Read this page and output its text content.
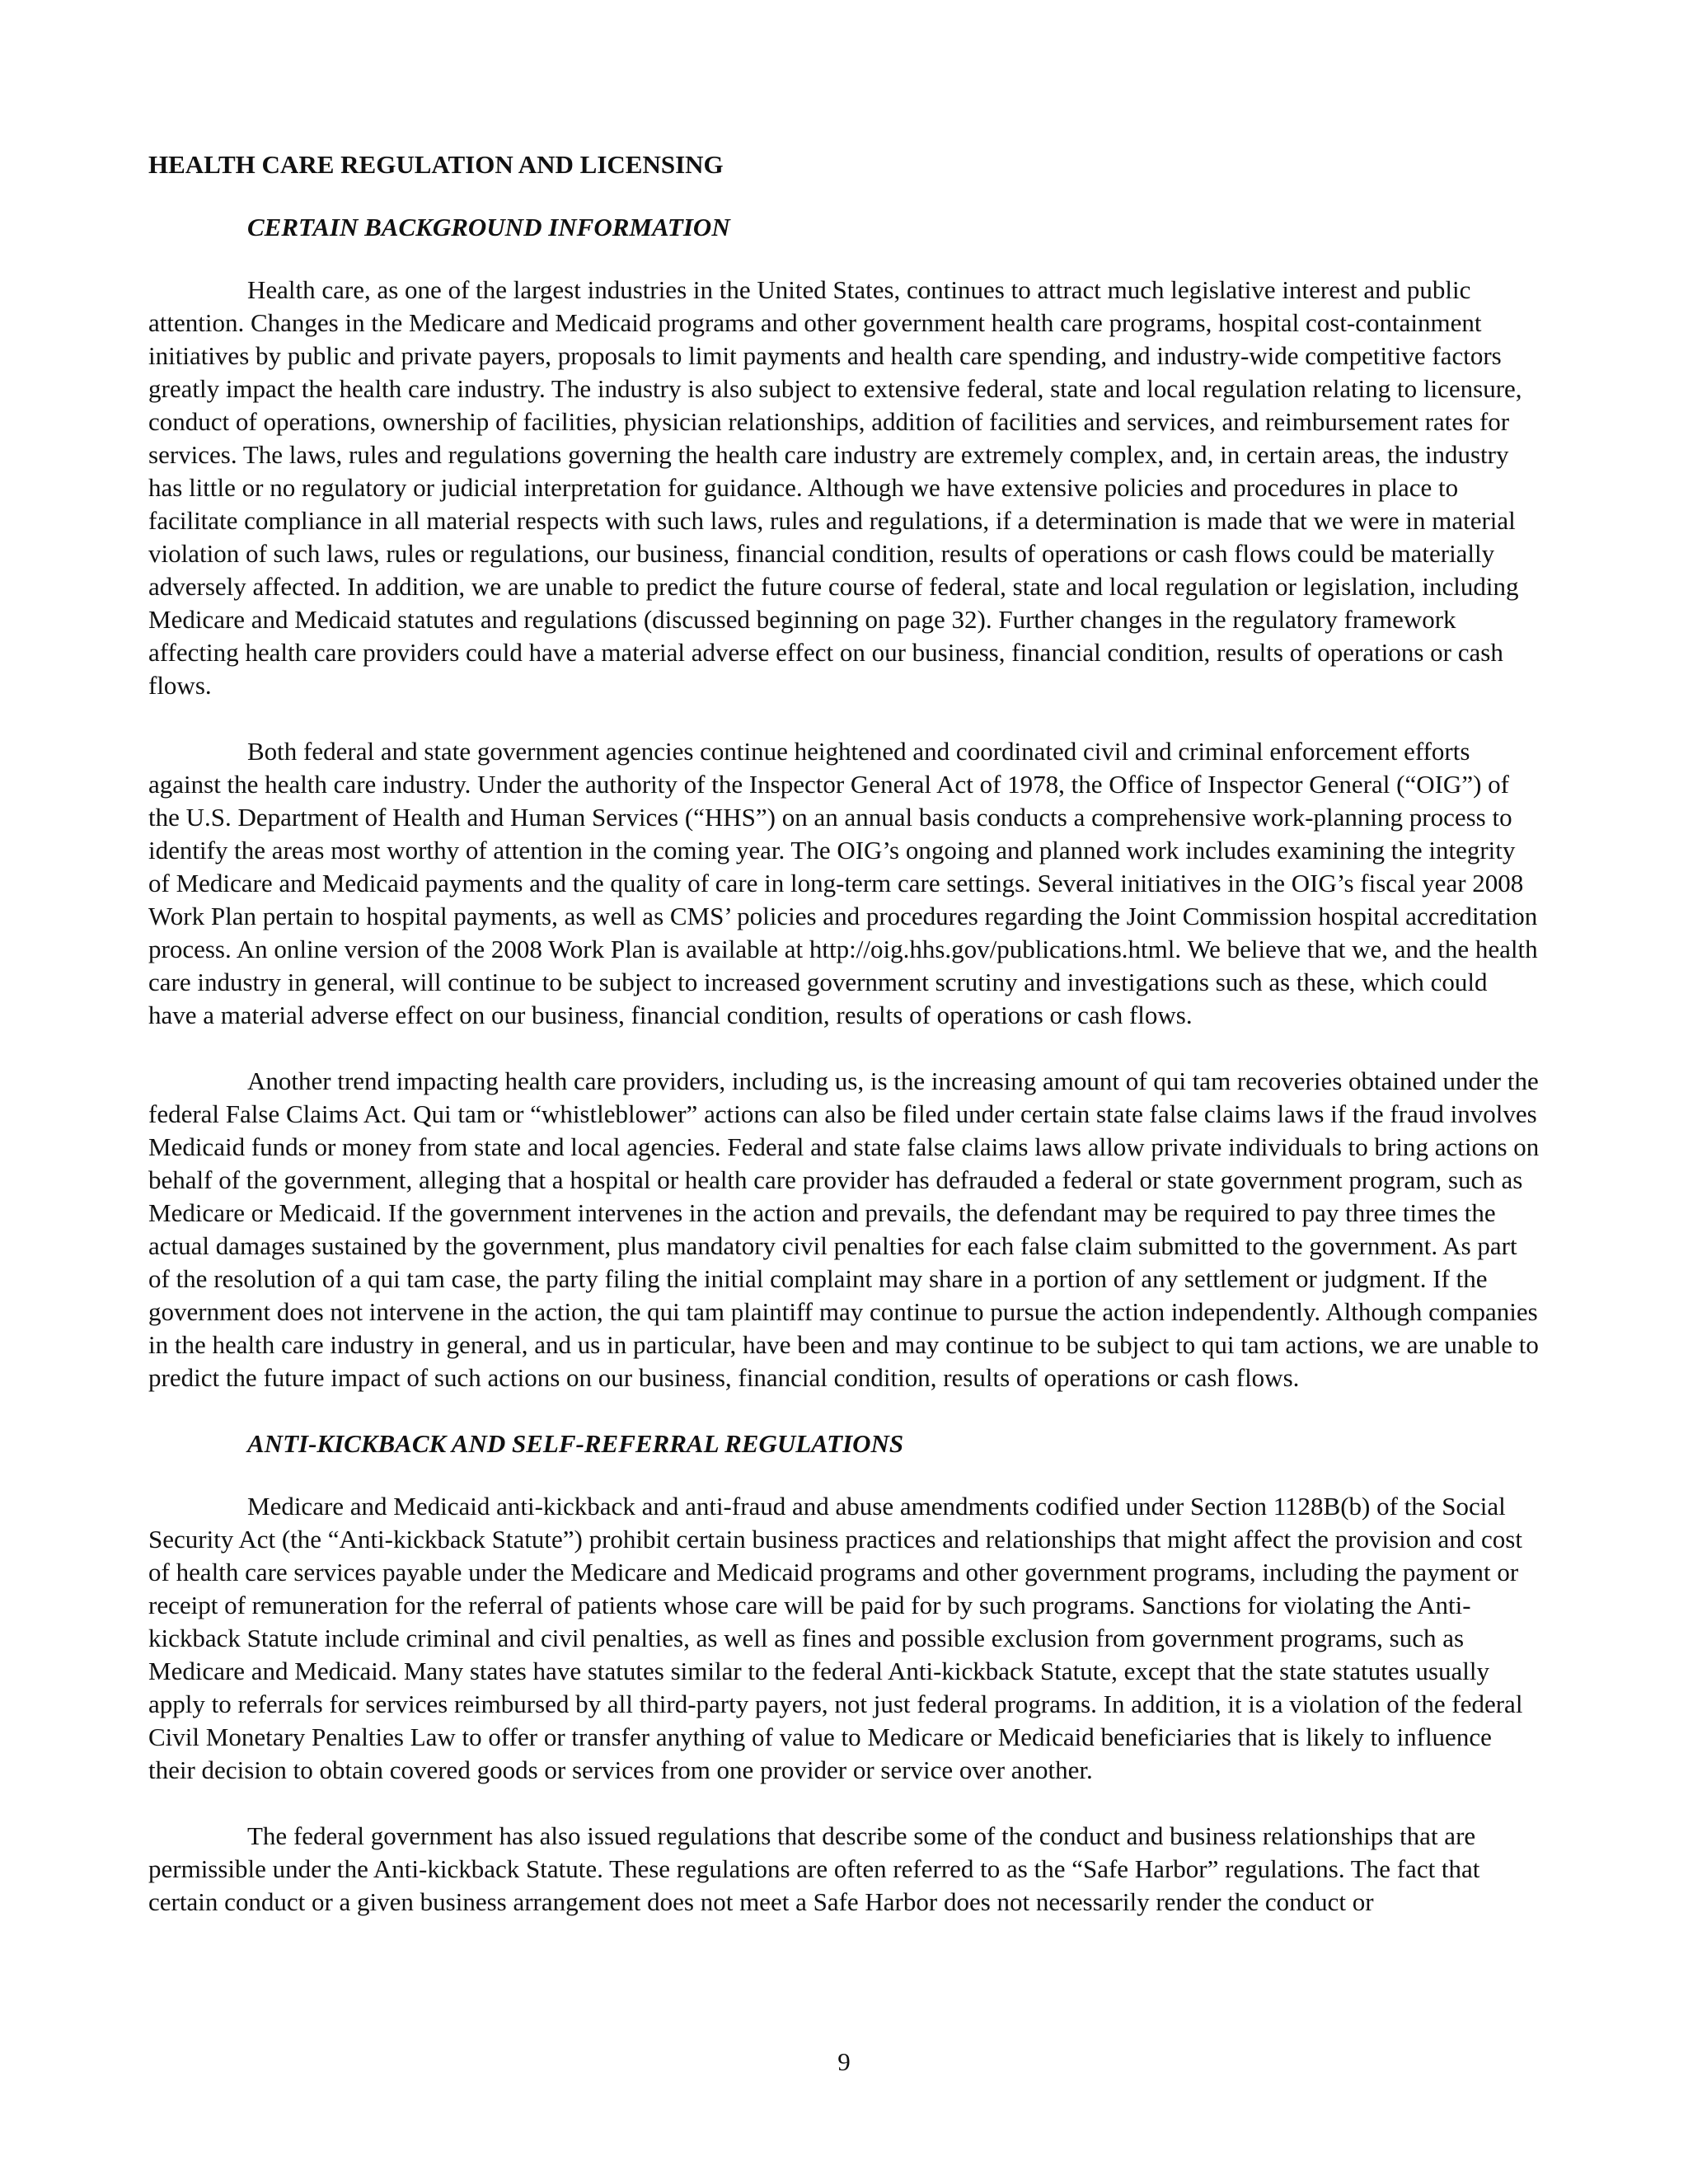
HEALTH CARE REGULATION AND LICENSING
CERTAIN BACKGROUND INFORMATION

Health care, as one of the largest industries in the United States, continues to attract much legislative interest and public attention. Changes in the Medicare and Medicaid programs and other government health care programs, hospital cost-containment initiatives by public and private payers, proposals to limit payments and health care spending, and industry-wide competitive factors greatly impact the health care industry. The industry is also subject to extensive federal, state and local regulation relating to licensure, conduct of operations, ownership of facilities, physician relationships, addition of facilities and services, and reimbursement rates for services. The laws, rules and regulations governing the health care industry are extremely complex, and, in certain areas, the industry has little or no regulatory or judicial interpretation for guidance. Although we have extensive policies and procedures in place to facilitate compliance in all material respects with such laws, rules and regulations, if a determination is made that we were in material violation of such laws, rules or regulations, our business, financial condition, results of operations or cash flows could be materially adversely affected. In addition, we are unable to predict the future course of federal, state and local regulation or legislation, including Medicare and Medicaid statutes and regulations (discussed beginning on page 32). Further changes in the regulatory framework affecting health care providers could have a material adverse effect on our business, financial condition, results of operations or cash flows.

Both federal and state government agencies continue heightened and coordinated civil and criminal enforcement efforts against the health care industry. Under the authority of the Inspector General Act of 1978, the Office of Inspector General (“OIG”) of the U.S. Department of Health and Human Services (“HHS”) on an annual basis conducts a comprehensive work-planning process to identify the areas most worthy of attention in the coming year. The OIG’s ongoing and planned work includes examining the integrity of Medicare and Medicaid payments and the quality of care in long-term care settings. Several initiatives in the OIG’s fiscal year 2008 Work Plan pertain to hospital payments, as well as CMS’ policies and procedures regarding the Joint Commission hospital accreditation process. An online version of the 2008 Work Plan is available at http://oig.hhs.gov/publications.html. We believe that we, and the health care industry in general, will continue to be subject to increased government scrutiny and investigations such as these, which could have a material adverse effect on our business, financial condition, results of operations or cash flows.

Another trend impacting health care providers, including us, is the increasing amount of qui tam recoveries obtained under the federal False Claims Act. Qui tam or “whistleblower” actions can also be filed under certain state false claims laws if the fraud involves Medicaid funds or money from state and local agencies. Federal and state false claims laws allow private individuals to bring actions on behalf of the government, alleging that a hospital or health care provider has defrauded a federal or state government program, such as Medicare or Medicaid. If the government intervenes in the action and prevails, the defendant may be required to pay three times the actual damages sustained by the government, plus mandatory civil penalties for each false claim submitted to the government. As part of the resolution of a qui tam case, the party filing the initial complaint may share in a portion of any settlement or judgment. If the government does not intervene in the action, the qui tam plaintiff may continue to pursue the action independently. Although companies in the health care industry in general, and us in particular, have been and may continue to be subject to qui tam actions, we are unable to predict the future impact of such actions on our business, financial condition, results of operations or cash flows.

ANTI-KICKBACK AND SELF-REFERRAL REGULATIONS

Medicare and Medicaid anti-kickback and anti-fraud and abuse amendments codified under Section 1128B(b) of the Social Security Act (the “Anti-kickback Statute”) prohibit certain business practices and relationships that might affect the provision and cost of health care services payable under the Medicare and Medicaid programs and other government programs, including the payment or receipt of remuneration for the referral of patients whose care will be paid for by such programs. Sanctions for violating the Anti-kickback Statute include criminal and civil penalties, as well as fines and possible exclusion from government programs, such as Medicare and Medicaid. Many states have statutes similar to the federal Anti-kickback Statute, except that the state statutes usually apply to referrals for services reimbursed by all third-party payers, not just federal programs. In addition, it is a violation of the federal Civil Monetary Penalties Law to offer or transfer anything of value to Medicare or Medicaid beneficiaries that is likely to influence their decision to obtain covered goods or services from one provider or service over another.

The federal government has also issued regulations that describe some of the conduct and business relationships that are permissible under the Anti-kickback Statute. These regulations are often referred to as the “Safe Harbor” regulations. The fact that certain conduct or a given business arrangement does not meet a Safe Harbor does not necessarily render the conduct or

9
